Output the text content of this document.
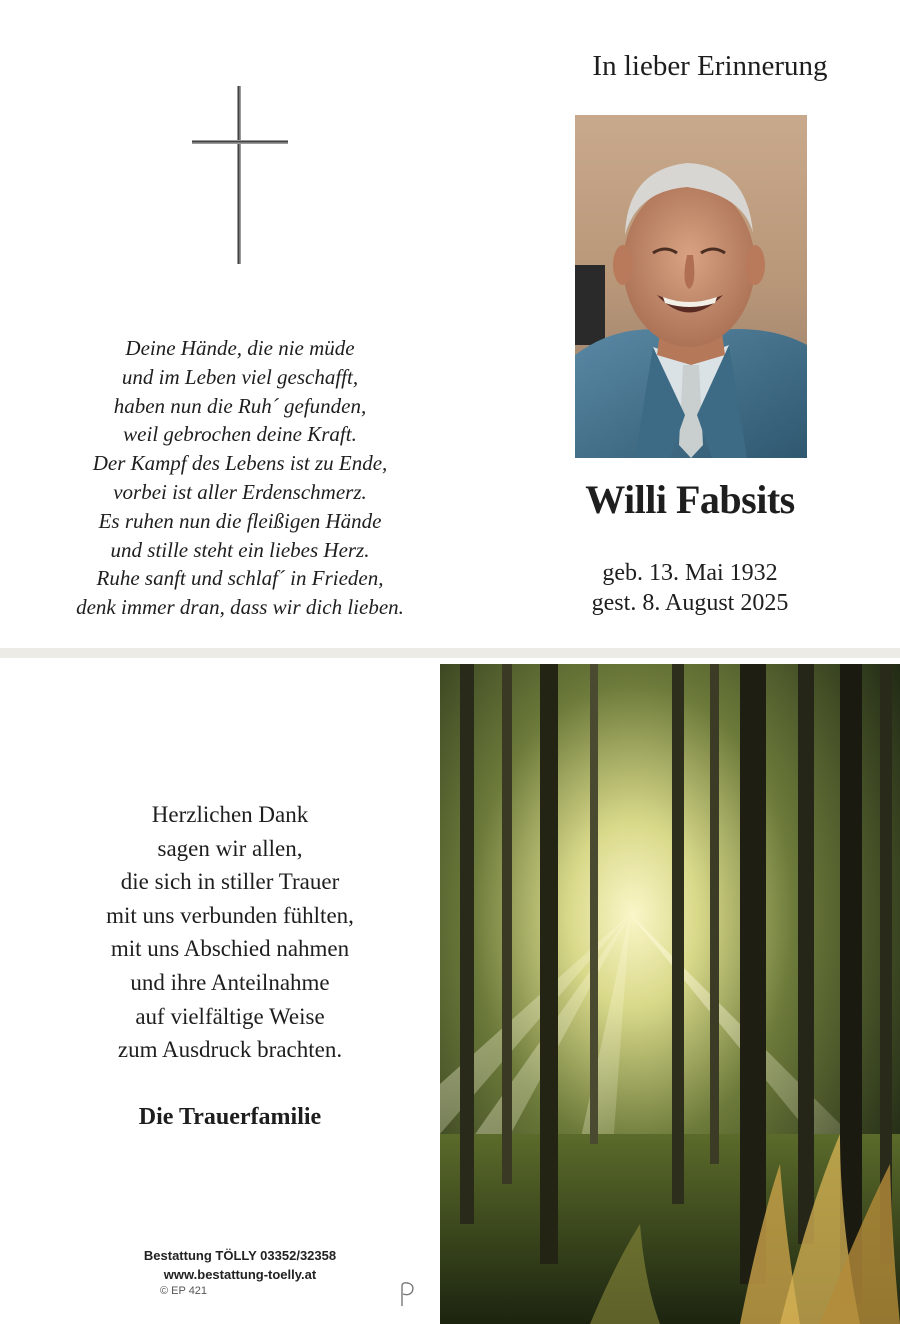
Deine Hände, die nie müde
und im Leben viel geschafft,
haben nun die Ruh´ gefunden,
weil gebrochen deine Kraft.
Der Kampf des Lebens ist zu Ende,
vorbei ist aller Erdenschmerz.
Es ruhen nun die fleißigen Hände
und stille steht ein liebes Herz.
Ruhe sanft und schlaf´ in Frieden,
denk immer dran, dass wir dich lieben.
In lieber Erinnerung
Willi Fabsits
geb. 13. Mai 1932
gest. 8. August 2025
Herzlichen Dank
sagen wir allen,
die sich in stiller Trauer
mit uns verbunden fühlten,
mit uns Abschied nahmen
und ihre Anteilnahme
auf vielfältige Weise
zum Ausdruck brachten.
Die Trauerfamilie
Bestattung TÖLLY 03352/32358
www.bestattung-toelly.at
© EP 421
